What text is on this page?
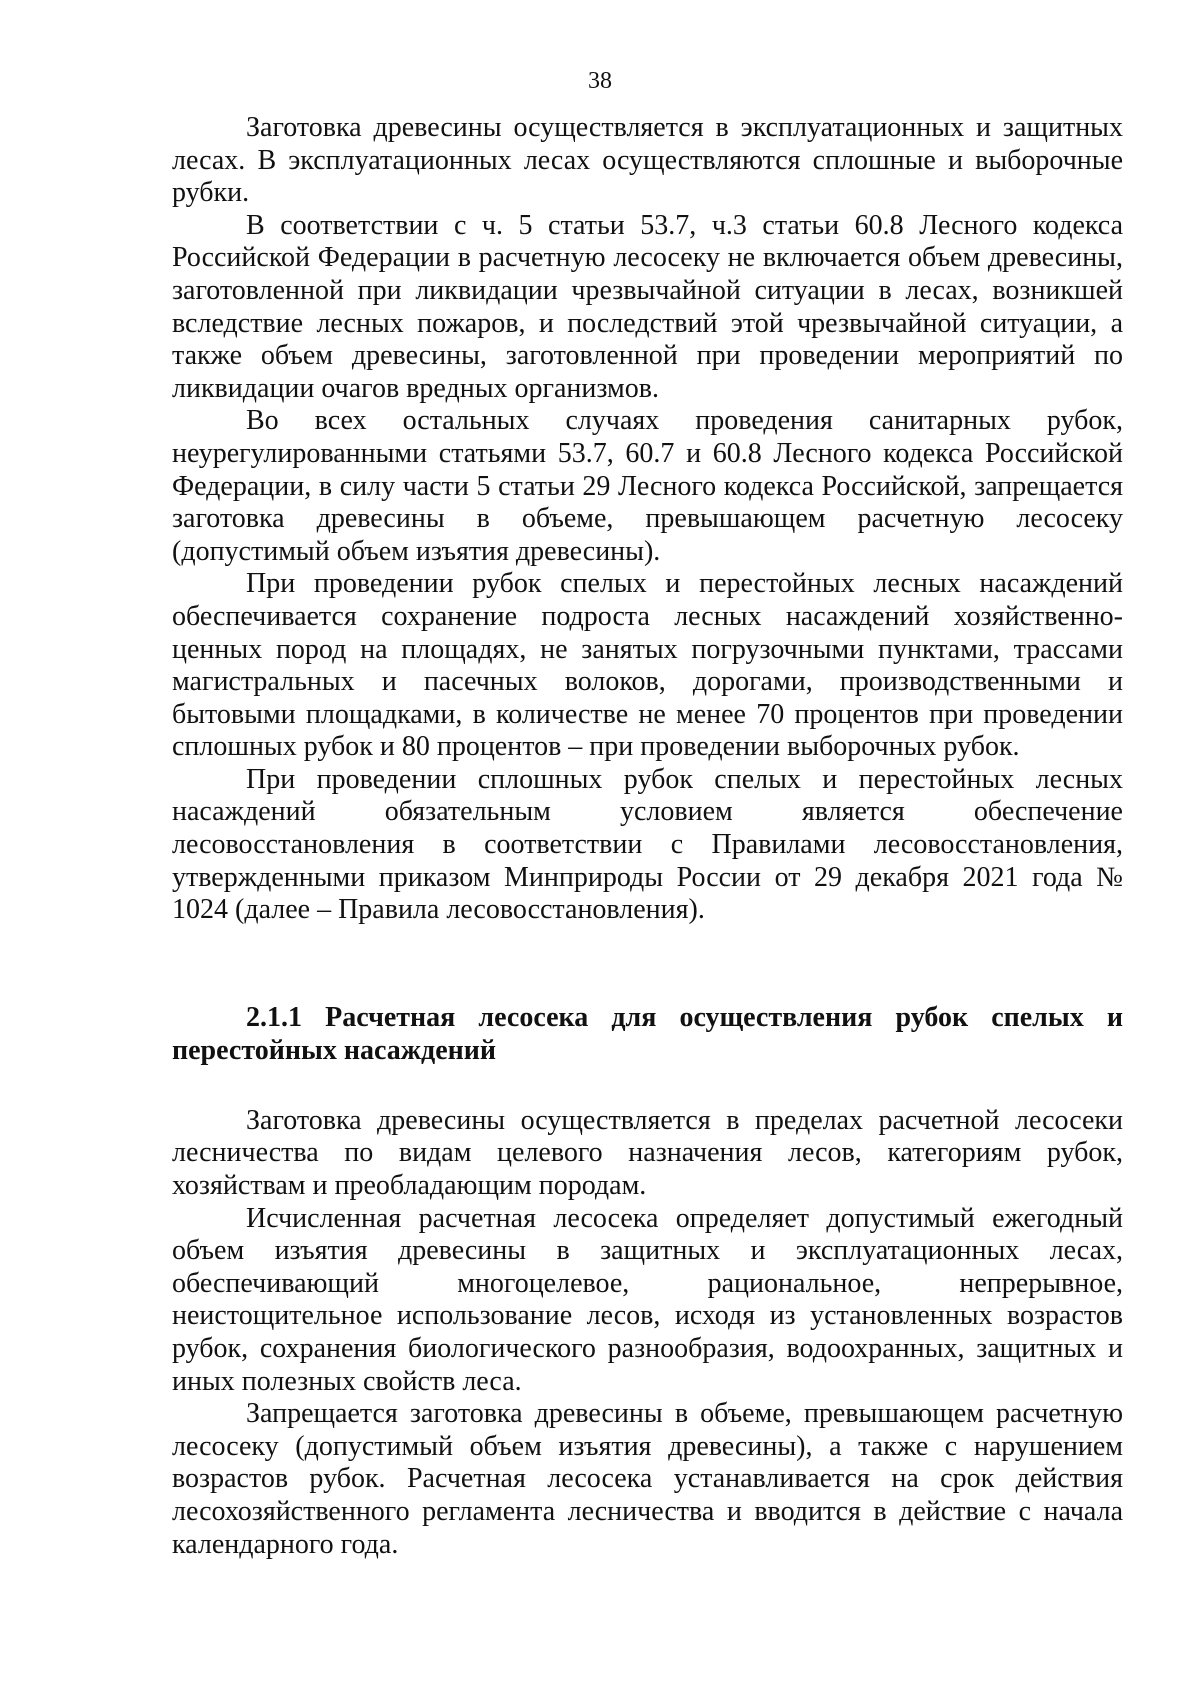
38

Заготовка древесины осуществляется в эксплуатационных и защитных лесах. В эксплуатационных лесах осуществляются сплошные и выборочные рубки.

В соответствии с ч. 5 статьи 53.7, ч.3 статьи 60.8 Лесного кодекса Российской Федерации в расчетную лесосеку не включается объем древесины, заготовленной при ликвидации чрезвычайной ситуации в лесах, возникшей вследствие лесных пожаров, и последствий этой чрезвычайной ситуации, а также объем древесины, заготовленной при проведении мероприятий по ликвидации очагов вредных организмов.

Во всех остальных случаях проведения санитарных рубок, неурегулированными статьями 53.7, 60.7 и 60.8 Лесного кодекса Российской Федерации, в силу части 5 статьи 29 Лесного кодекса Российской, запрещается заготовка древесины в объеме, превышающем расчетную лесосеку (допустимый объем изъятия древесины).

При проведении рубок спелых и перестойных лесных насаждений обеспечивается сохранение подроста лесных насаждений хозяйственно-ценных пород на площадях, не занятых погрузочными пунктами, трассами магистральных и пасечных волоков, дорогами, производственными и бытовыми площадками, в количестве не менее 70 процентов при проведении сплошных рубок и 80 процентов – при проведении выборочных рубок.

При проведении сплошных рубок спелых и перестойных лесных насаждений обязательным условием является обеспечение лесовосстановления в соответствии с Правилами лесовосстановления, утвержденными приказом Минприроды России от 29 декабря 2021 года № 1024 (далее – Правила лесовосстановления).

2.1.1 Расчетная лесосека для осуществления рубок спелых и перестойных насаждений

Заготовка древесины осуществляется в пределах расчетной лесосеки лесничества по видам целевого назначения лесов, категориям рубок, хозяйствам и преобладающим породам.

Исчисленная расчетная лесосека определяет допустимый ежегодный объем изъятия древесины в защитных и эксплуатационных лесах, обеспечивающий многоцелевое, рациональное, непрерывное, неистощительное использование лесов, исходя из установленных возрастов рубок, сохранения биологического разнообразия, водоохранных, защитных и иных полезных свойств леса.

Запрещается заготовка древесины в объеме, превышающем расчетную лесосеку (допустимый объем изъятия древесины), а также с нарушением возрастов рубок. Расчетная лесосека устанавливается на срок действия лесохозяйственного регламента лесничества и вводится в действие с начала календарного года.
